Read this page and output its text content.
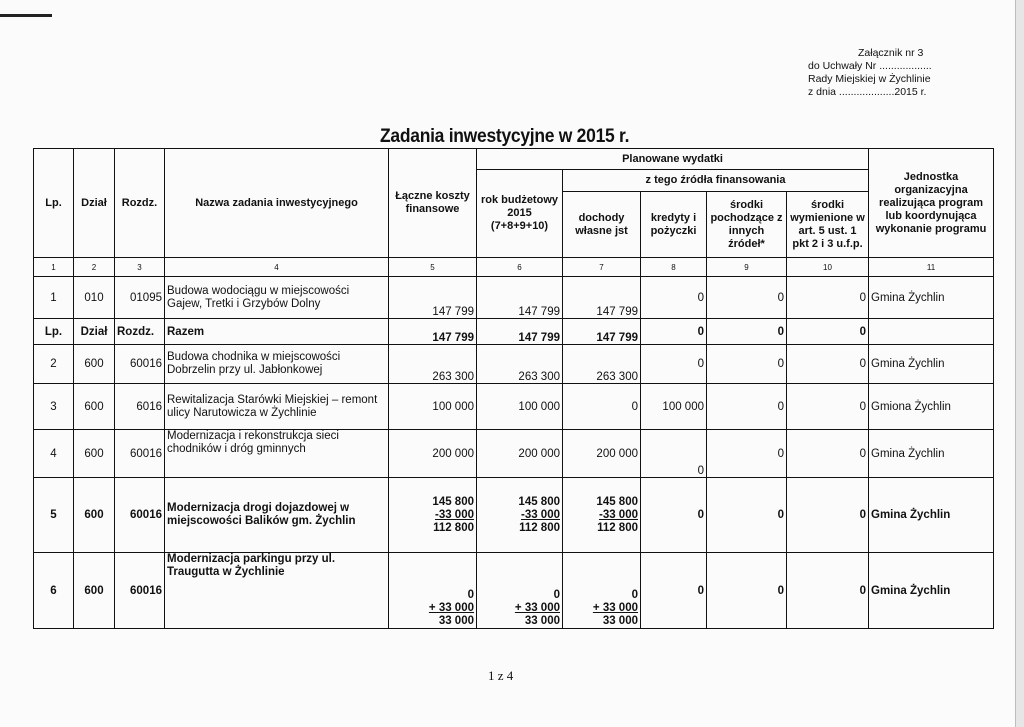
Załącznik nr 3
do Uchwały Nr ..................
Rady Miejskiej w Żychlinie
z dnia ...................2015 r.
Zadania inwestycyjne w 2015 r.
Lp.	Dział	Rozdz.	Nazwa zadania inwestycyjnego	Łączne koszty finansowe	Planowane wydatki					Jednostka organizacyjna realizująca program lub koordynująca wykonanie programu
					rok budżetowy 2015 (7+8+9+10)	z tego źródła finansowania				
						dochody własne jst	kredyty i pożyczki	środki pochodzące z innych źródeł*	środki wymienione w art. 5 ust. 1 pkt 2 i 3 u.f.p.	
1	2	3	4	5	6	7	8	9	10	11
1	010	01095	Budowa wodociągu w miejscowości Gajew, Tretki i Grzybów Dolny	147 799	147 799	147 799	0	0	0	Gmina Żychlin
Lp.	Dział	Rozdz.	Razem	147 799	147 799	147 799	0	0	0	
2	600	60016	Budowa chodnika w miejscowości Dobrzelin przy ul. Jabłonkowej	263 300	263 300	263 300	0	0	0	Gmina Żychlin
3	600	6016	Rewitalizacja Starówki Miejskiej – remont ulicy Narutowicza w Żychlinie	100 000	100 000	0	100 000	0	0	Gmiona Żychlin
4	600	60016	Modernizacja i rekonstrukcja sieci chodników i dróg gminnych	200 000	200 000	200 000	0	0	0	Gmina Żychlin
5	600	60016	Modernizacja drogi dojazdowej w miejscowości Balików gm. Żychlin	145 800
-33 000
112 800	145 800
-33 000
112 800	145 800
-33 000
112 800	0	0	0	Gmina Żychlin
6	600	60016	Modernizacja parkingu przy ul. Traugutta w Żychlinie	0
+ 33 000
33 000	0
+ 33 000
33 000	0
+ 33 000
33 000	0	0	0	Gmina Żychlin
1 z 4
